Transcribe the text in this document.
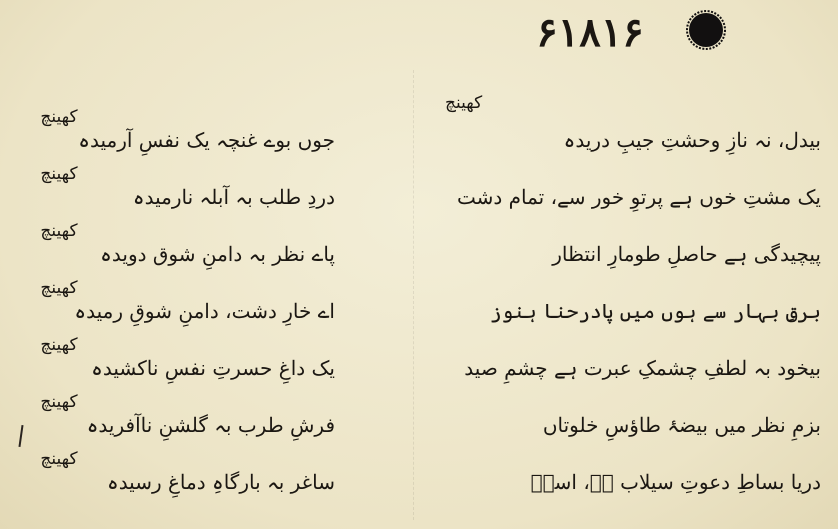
۶۱۸۱۶
کھینچ
بیدل، نہ نازِ وحشتِ جیبِ دریدہ
یک مشتِ خوں ہے پرتوِ خور سے، تمام دشت
پیچیدگی ہے حاصلِ طومارِ انتظار
برقِ بہار سے ہوں میں پادرحنا ہنوز
بیخود بہ لطفِ چشمکِ عبرت ہے چشمِ صید
بزمِ نظر میں بیضۂ طاؤسِ خلوتاں
دریا بساطِ دعوتِ سیلاب ہے، اسدؔ
کھینچ
جوں بوے غنچہ یک نفسِ آرمیدہ
کھینچ
دردِ طلب بہ آبلہ نارمیدہ
کھینچ
پاے نظر بہ دامنِ شوق دویدہ
کھینچ
اے خارِ دشت، دامنِ شوقِ رمیدہ
کھینچ
یک داغِ حسرتِ نفسِ ناکشیدہ
کھینچ
فرشِ طرب بہ گلشنِ ناآفریدہ
کھینچ
ساغر بہ بارگاہِ دماغِ رسیدہ
